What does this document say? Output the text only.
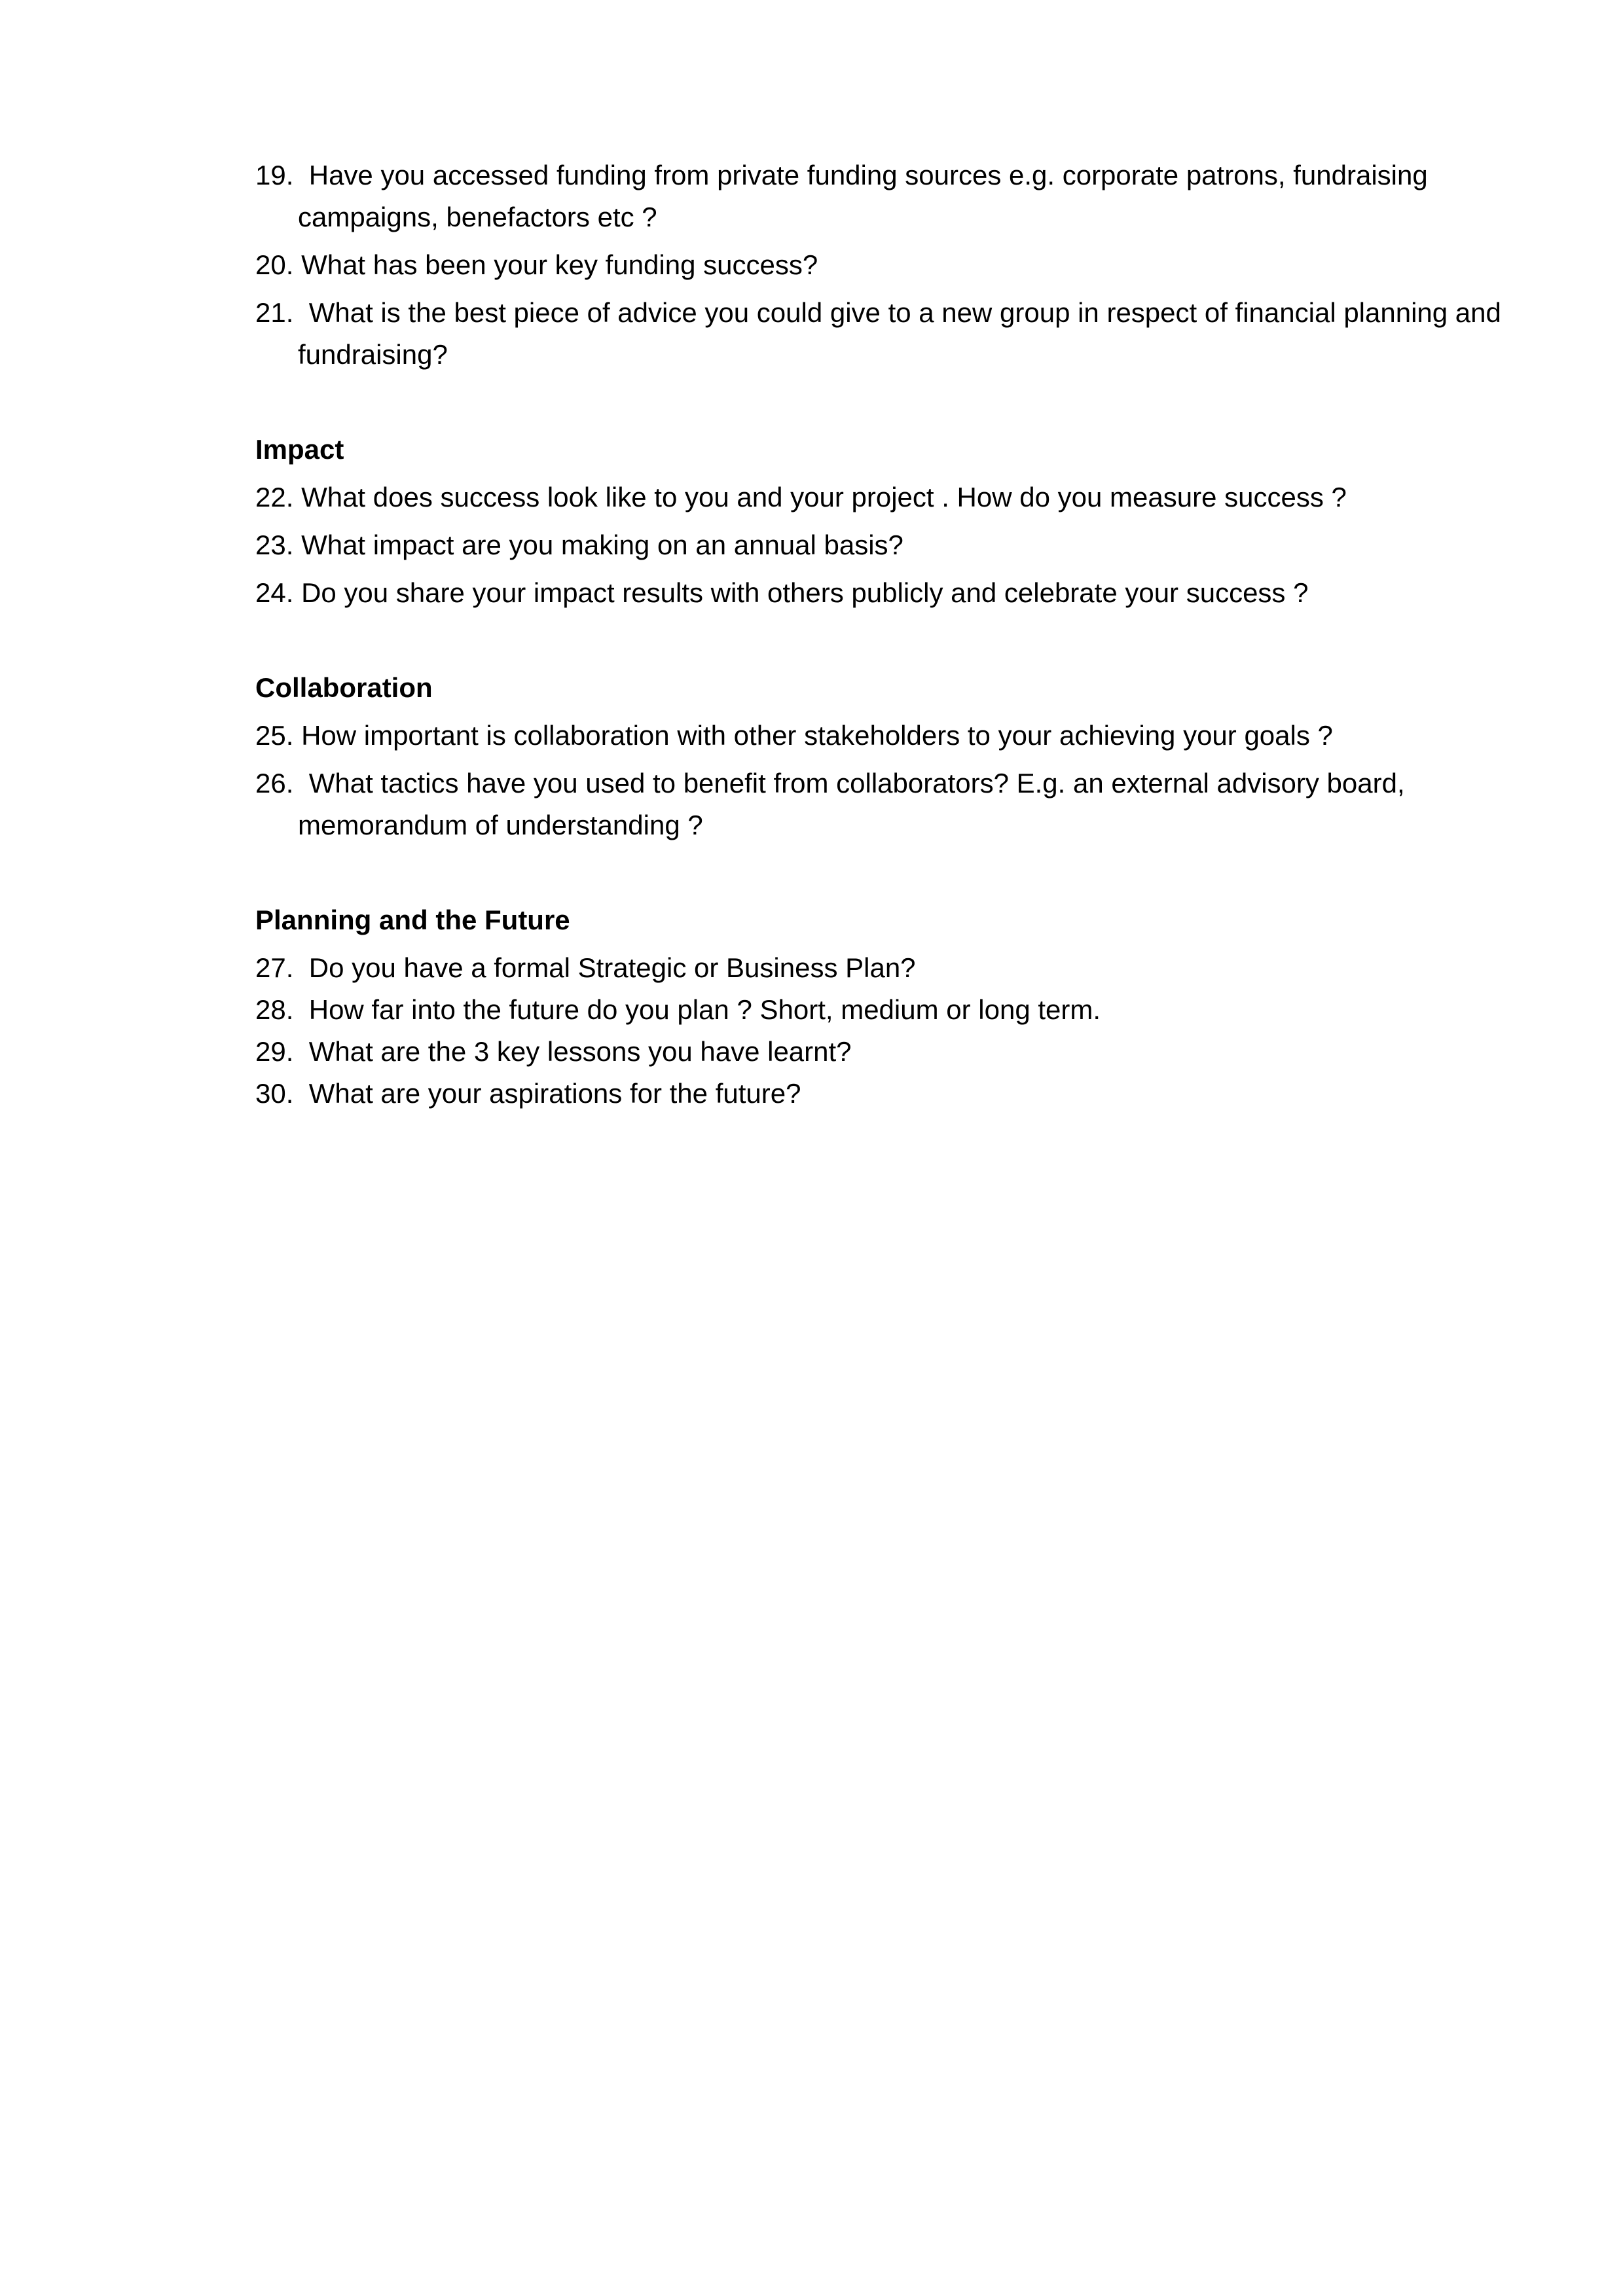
19. Have you accessed funding from private funding sources e.g. corporate patrons, fundraising campaigns, benefactors etc ?

20. What has been your key funding success?

21. What is the best piece of advice you could give to a new group in respect of financial planning and fundraising?

Impact

22. What does success look like to you and your project . How do you measure success ?

23. What impact are you making on an annual basis?

24. Do you share your impact results with others publicly and celebrate your success ?

Collaboration

25. How important is collaboration with other stakeholders to your achieving your goals ?

26. What tactics have you used to benefit from collaborators? E.g. an external advisory board, memorandum of understanding ?

Planning and the Future

27. Do you have a formal Strategic or Business Plan?

28. How far into the future do you plan ? Short, medium or long term.

29. What are the 3 key lessons you have learnt?

30. What are your aspirations for the future?
